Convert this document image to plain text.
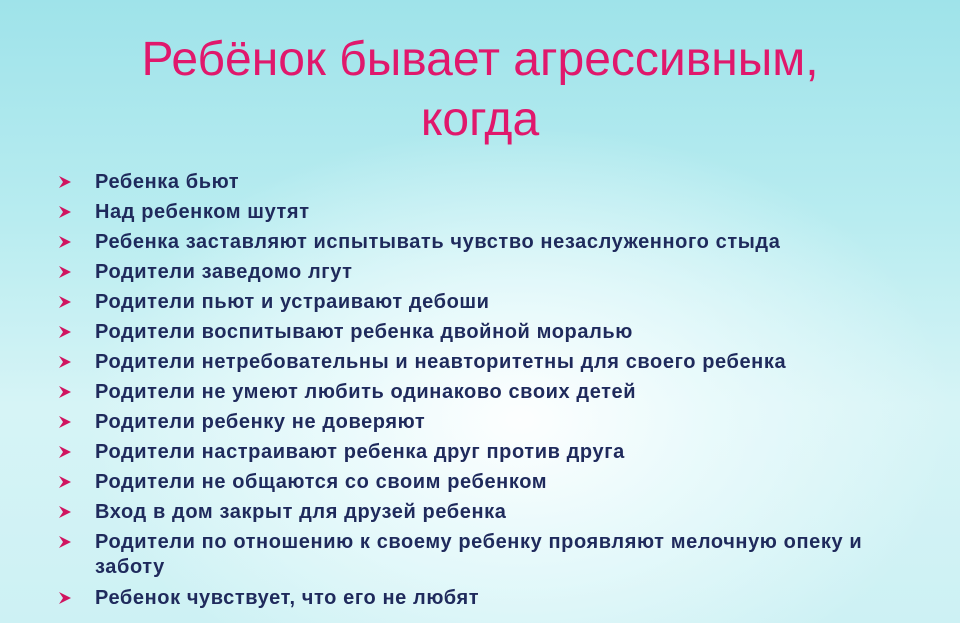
Ребёнок бывает агрессивным,
когда
Ребенка бьют
Над ребенком шутят
Ребенка заставляют испытывать чувство незаслуженного стыда
Родители заведомо лгут
Родители пьют и устраивают дебоши
Родители воспитывают ребенка двойной моралью
Родители нетребовательны и неавторитетны для своего ребенка
Родители не умеют любить одинаково своих детей
Родители ребенку не доверяют
Родители настраивают ребенка друг против друга
Родители не общаются со своим ребенком
Вход в дом закрыт для друзей ребенка
Родители по отношению к своему ребенку проявляют мелочную опеку и заботу
Ребенок чувствует, что его не любят
